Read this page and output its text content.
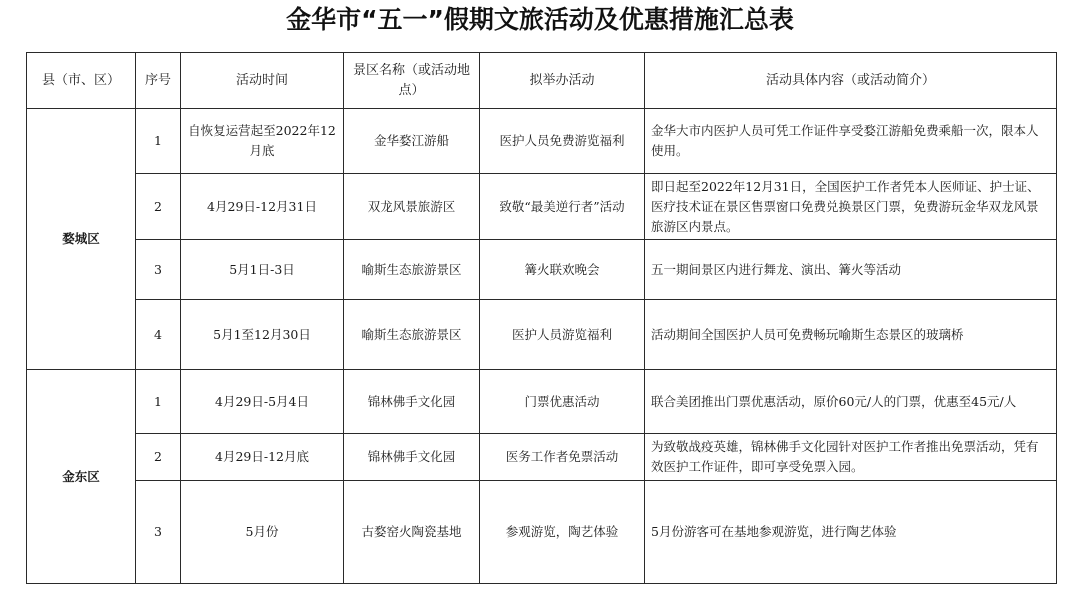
金华市“五一”假期文旅活动及优惠措施汇总表
县（市、区）	序号	活动时间	景区名称（或活动地点）	拟举办活动	活动具体内容（或活动简介）
婺城区	1	自恢复运营起至2022年12月底	金华婺江游船	医护人员免费游览福利	金华大市内医护人员可凭工作证件享受婺江游船免费乘船一次，限本人使用。
	2	4月29日-12月31日	双龙风景旅游区	致敬“最美逆行者”活动	即日起至2022年12月31日，全国医护工作者凭本人医师证、护士证、医疗技术证在景区售票窗口免费兑换景区门票，免费游玩金华双龙风景旅游区内景点。
	3	5月1日-3日	喻斯生态旅游景区	篝火联欢晚会	五一期间景区内进行舞龙、演出、篝火等活动
	4	5月1至12月30日	喻斯生态旅游景区	医护人员游览福利	活动期间全国医护人员可免费畅玩喻斯生态景区的玻璃桥
金东区	1	4月29日-5月4日	锦林佛手文化园	门票优惠活动	联合美团推出门票优惠活动，原价60元/人的门票，优惠至45元/人
	2	4月29日-12月底	锦林佛手文化园	医务工作者免票活动	为致敬战疫英雄，锦林佛手文化园针对医护工作者推出免票活动，凭有效医护工作证件，即可享受免票入园。
	3	5月份	古婺窑火陶瓷基地	参观游览，陶艺体验	5月份游客可在基地参观游览，进行陶艺体验
